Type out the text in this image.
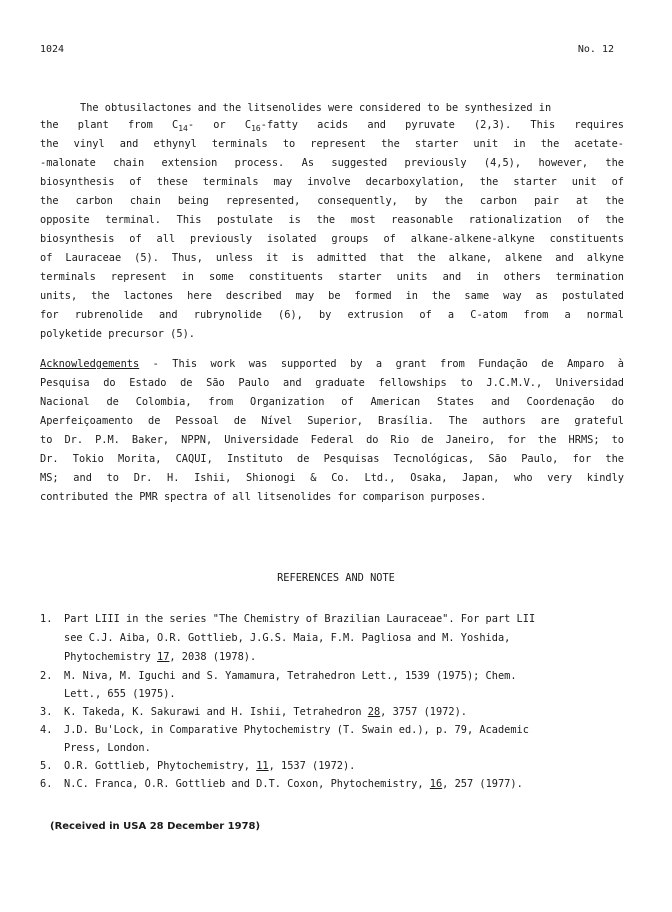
1024	No. 12
The obtusilactones and the litsenolides were considered to be synthesized in
the plant from $C_{14}-$ or $C_{16}$-fatty acids and pyruvate (2,3). This requires
the vinyl and ethynyl terminals to represent the starter unit in the acetate-
-malonate chain extension process. As suggested previously (4,5), however, the
biosynthesis of these terminals may involve decarboxylation, the starter unit of
the carbon chain being represented, consequently, by the carbon pair at the
opposite terminal. This postulate is the most reasonable rationalization of the
biosynthesis of all previously isolated groups of alkane-alkene-alkyne constituents
of Lauraceae (5). Thus, unless it is admitted that the alkane, alkene and alkyne
terminals represent in some constituents starter units and in others termination
units, the lactones here described may be formed in the same way as postulated
for rubrenolide and rubrynolide (6), by extrusion of a C-atom from a normal
polyketide precursor (5).
Acknowledgements - This work was supported by a grant from Fundação de Amparo à
Pesquisa do Estado de São Paulo and graduate fellowships to J.C.M.V., Universidad
Nacional de Colombia, from Organization of American States and Coordenação do
Aperfeiçoamento de Pessoal de Nível Superior, Brasília. The authors are grateful
to Dr. P.M. Baker, NPPN, Universidade Federal do Rio de Janeiro, for the HRMS; to
Dr. Tokio Morita, CAQUI, Instituto de Pesquisas Tecnológicas, São Paulo, for the
MS; and to Dr. H. Ishii, Shionogi & Co. Ltd., Osaka, Japan, who very kindly
contributed the PMR spectra of all litsenolides for comparison purposes.
REFERENCES AND NOTE
1. Part LIII in the series "The Chemistry of Brazilian Lauraceae". For part LII
see C.J. Aiba, O.R. Gottlieb, J.G.S. Maia, F.M. Pagliosa and M. Yoshida,
Phytochemistry 17, 2038 (1978).
2. M. Niva, M. Iguchi and S. Yamamura, Tetrahedron Lett., 1539 (1975); Chem.
Lett., 655 (1975).
3. K. Takeda, K. Sakurawi and H. Ishii, Tetrahedron 28, 3757 (1972).
4. J.D. Bu'Lock, in Comparative Phytochemistry (T. Swain ed.), p. 79, Academic
Press, London.
5. O.R. Gottlieb, Phytochemistry, 11, 1537 (1972).
6. N.C. Franca, O.R. Gottlieb and D.T. Coxon, Phytochemistry, 16, 257 (1977).
(Received in USA 28 December 1978)
